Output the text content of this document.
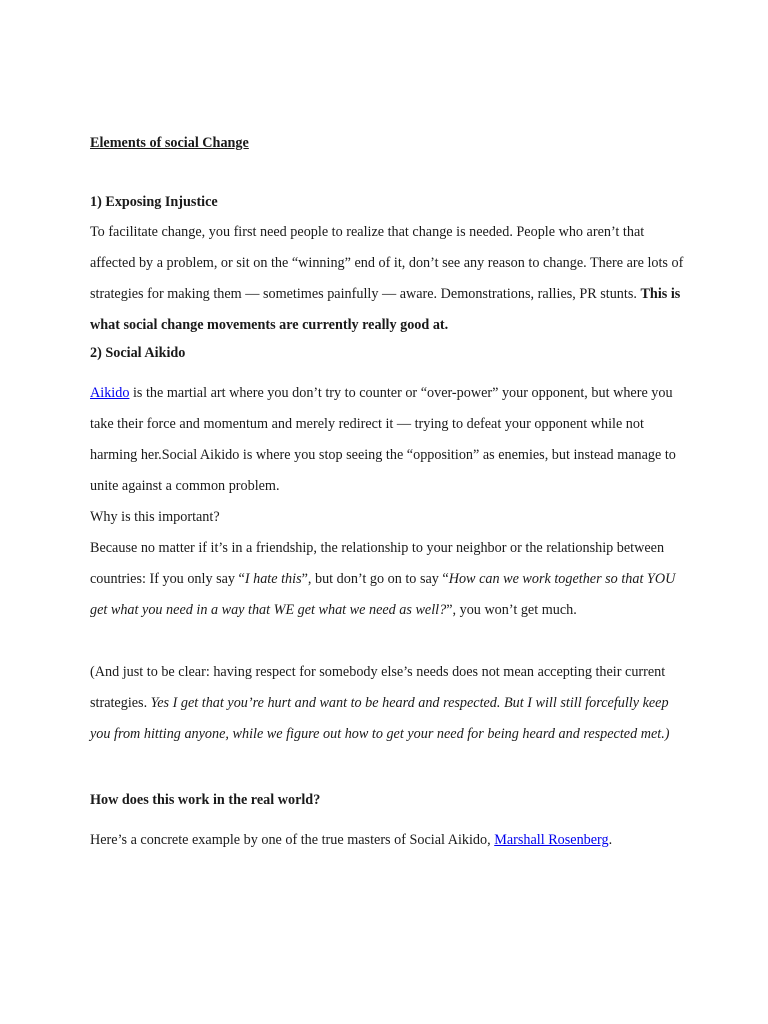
Elements of social Change

1) Exposing Injustice

To facilitate change, you first need people to realize that change is needed. People who aren’t that affected by a problem, or sit on the “winning” end of it, don’t see any reason to change. There are lots of strategies for making them — sometimes painfully — aware. Demonstrations, rallies, PR stunts. This is what social change movements are currently really good at.

2) Social Aikido

Aikido is the martial art where you don’t try to counter or “over-power” your opponent, but where you take their force and momentum and merely redirect it — trying to defeat your opponent while not harming her.Social Aikido is where you stop seeing the “opposition” as enemies, but instead manage to unite against a common problem.

Why is this important?

Because no matter if it’s in a friendship, the relationship to your neighbor or the relationship between countries: If you only say “I hate this”, but don’t go on to say “How can we work together so that YOU get what you need in a way that WE get what we need as well?”, you won’t get much.

(And just to be clear: having respect for somebody else’s needs does not mean accepting their current strategies. Yes I get that you’re hurt and want to be heard and respected. But I will still forcefully keep you from hitting anyone, while we figure out how to get your need for being heard and respected met.)

How does this work in the real world?

Here’s a concrete example by one of the true masters of Social Aikido, Marshall Rosenberg.
